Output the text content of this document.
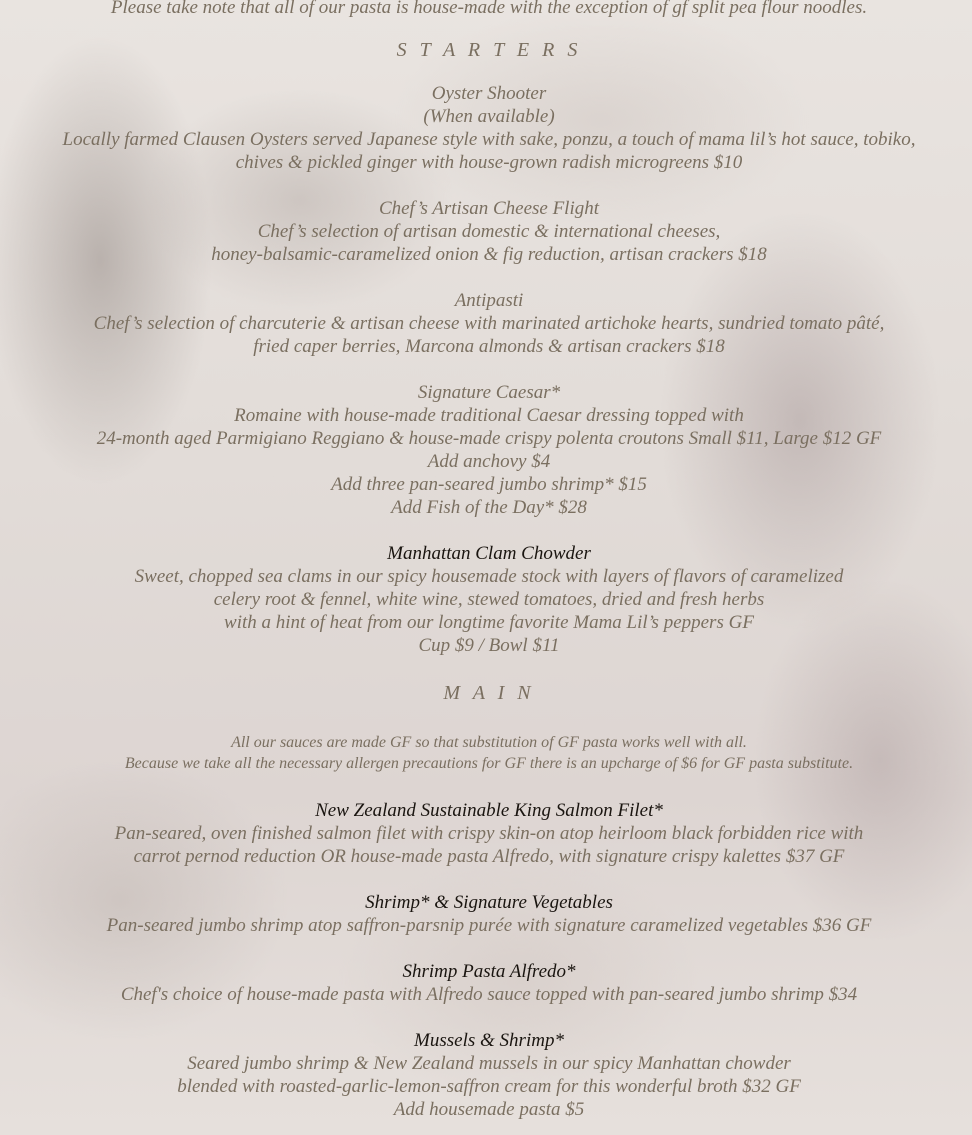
Please take note that all of our pasta is house-made with the exception of gf split pea flour noodles.
S T A R T E R S
Oyster Shooter
(When available)
Locally farmed Clausen Oysters served Japanese style with sake, ponzu, a touch of mama lil’s hot sauce, tobiko,
chives & pickled ginger with house-grown radish microgreens $10
Chef’s Artisan Cheese Flight
Chef’s selection of artisan domestic & international cheeses,
honey-balsamic-caramelized onion & fig reduction, artisan crackers $18
Antipasti
Chef’s selection of charcuterie & artisan cheese with marinated artichoke hearts, sundried tomato pâté,
fried caper berries, Marcona almonds & artisan crackers $18
Signature Caesar*
Romaine with house-made traditional Caesar dressing topped with
24-month aged Parmigiano Reggiano & house-made crispy polenta croutons Small $11, Large $12 GF
Add anchovy $4
Add three pan-seared jumbo shrimp* $15
Add Fish of the Day* $28
Manhattan Clam Chowder
Sweet, chopped sea clams in our spicy housemade stock with layers of flavors of caramelized
celery root & fennel, white wine, stewed tomatoes, dried and fresh herbs
with a hint of heat from our longtime favorite Mama Lil’s peppers GF
Cup $9 / Bowl $11
M A I N
All our sauces are made GF so that substitution of GF pasta works well with all.
Because we take all the necessary allergen precautions for GF there is an upcharge of $6 for GF pasta substitute.
New Zealand Sustainable King Salmon Filet*
Pan-seared, oven finished salmon filet with crispy skin-on atop heirloom black forbidden rice with
carrot pernod reduction OR house-made pasta Alfredo, with signature crispy kalettes $37 GF
Shrimp* & Signature Vegetables
Pan-seared jumbo shrimp atop saffron-parsnip purée with signature caramelized vegetables $36 GF
Shrimp Pasta Alfredo*
Chef's choice of house-made pasta with Alfredo sauce topped with pan-seared jumbo shrimp $34
Mussels & Shrimp*
Seared jumbo shrimp & New Zealand mussels in our spicy Manhattan chowder
blended with roasted-garlic-lemon-saffron cream for this wonderful broth $32 GF
Add housemade pasta $5
